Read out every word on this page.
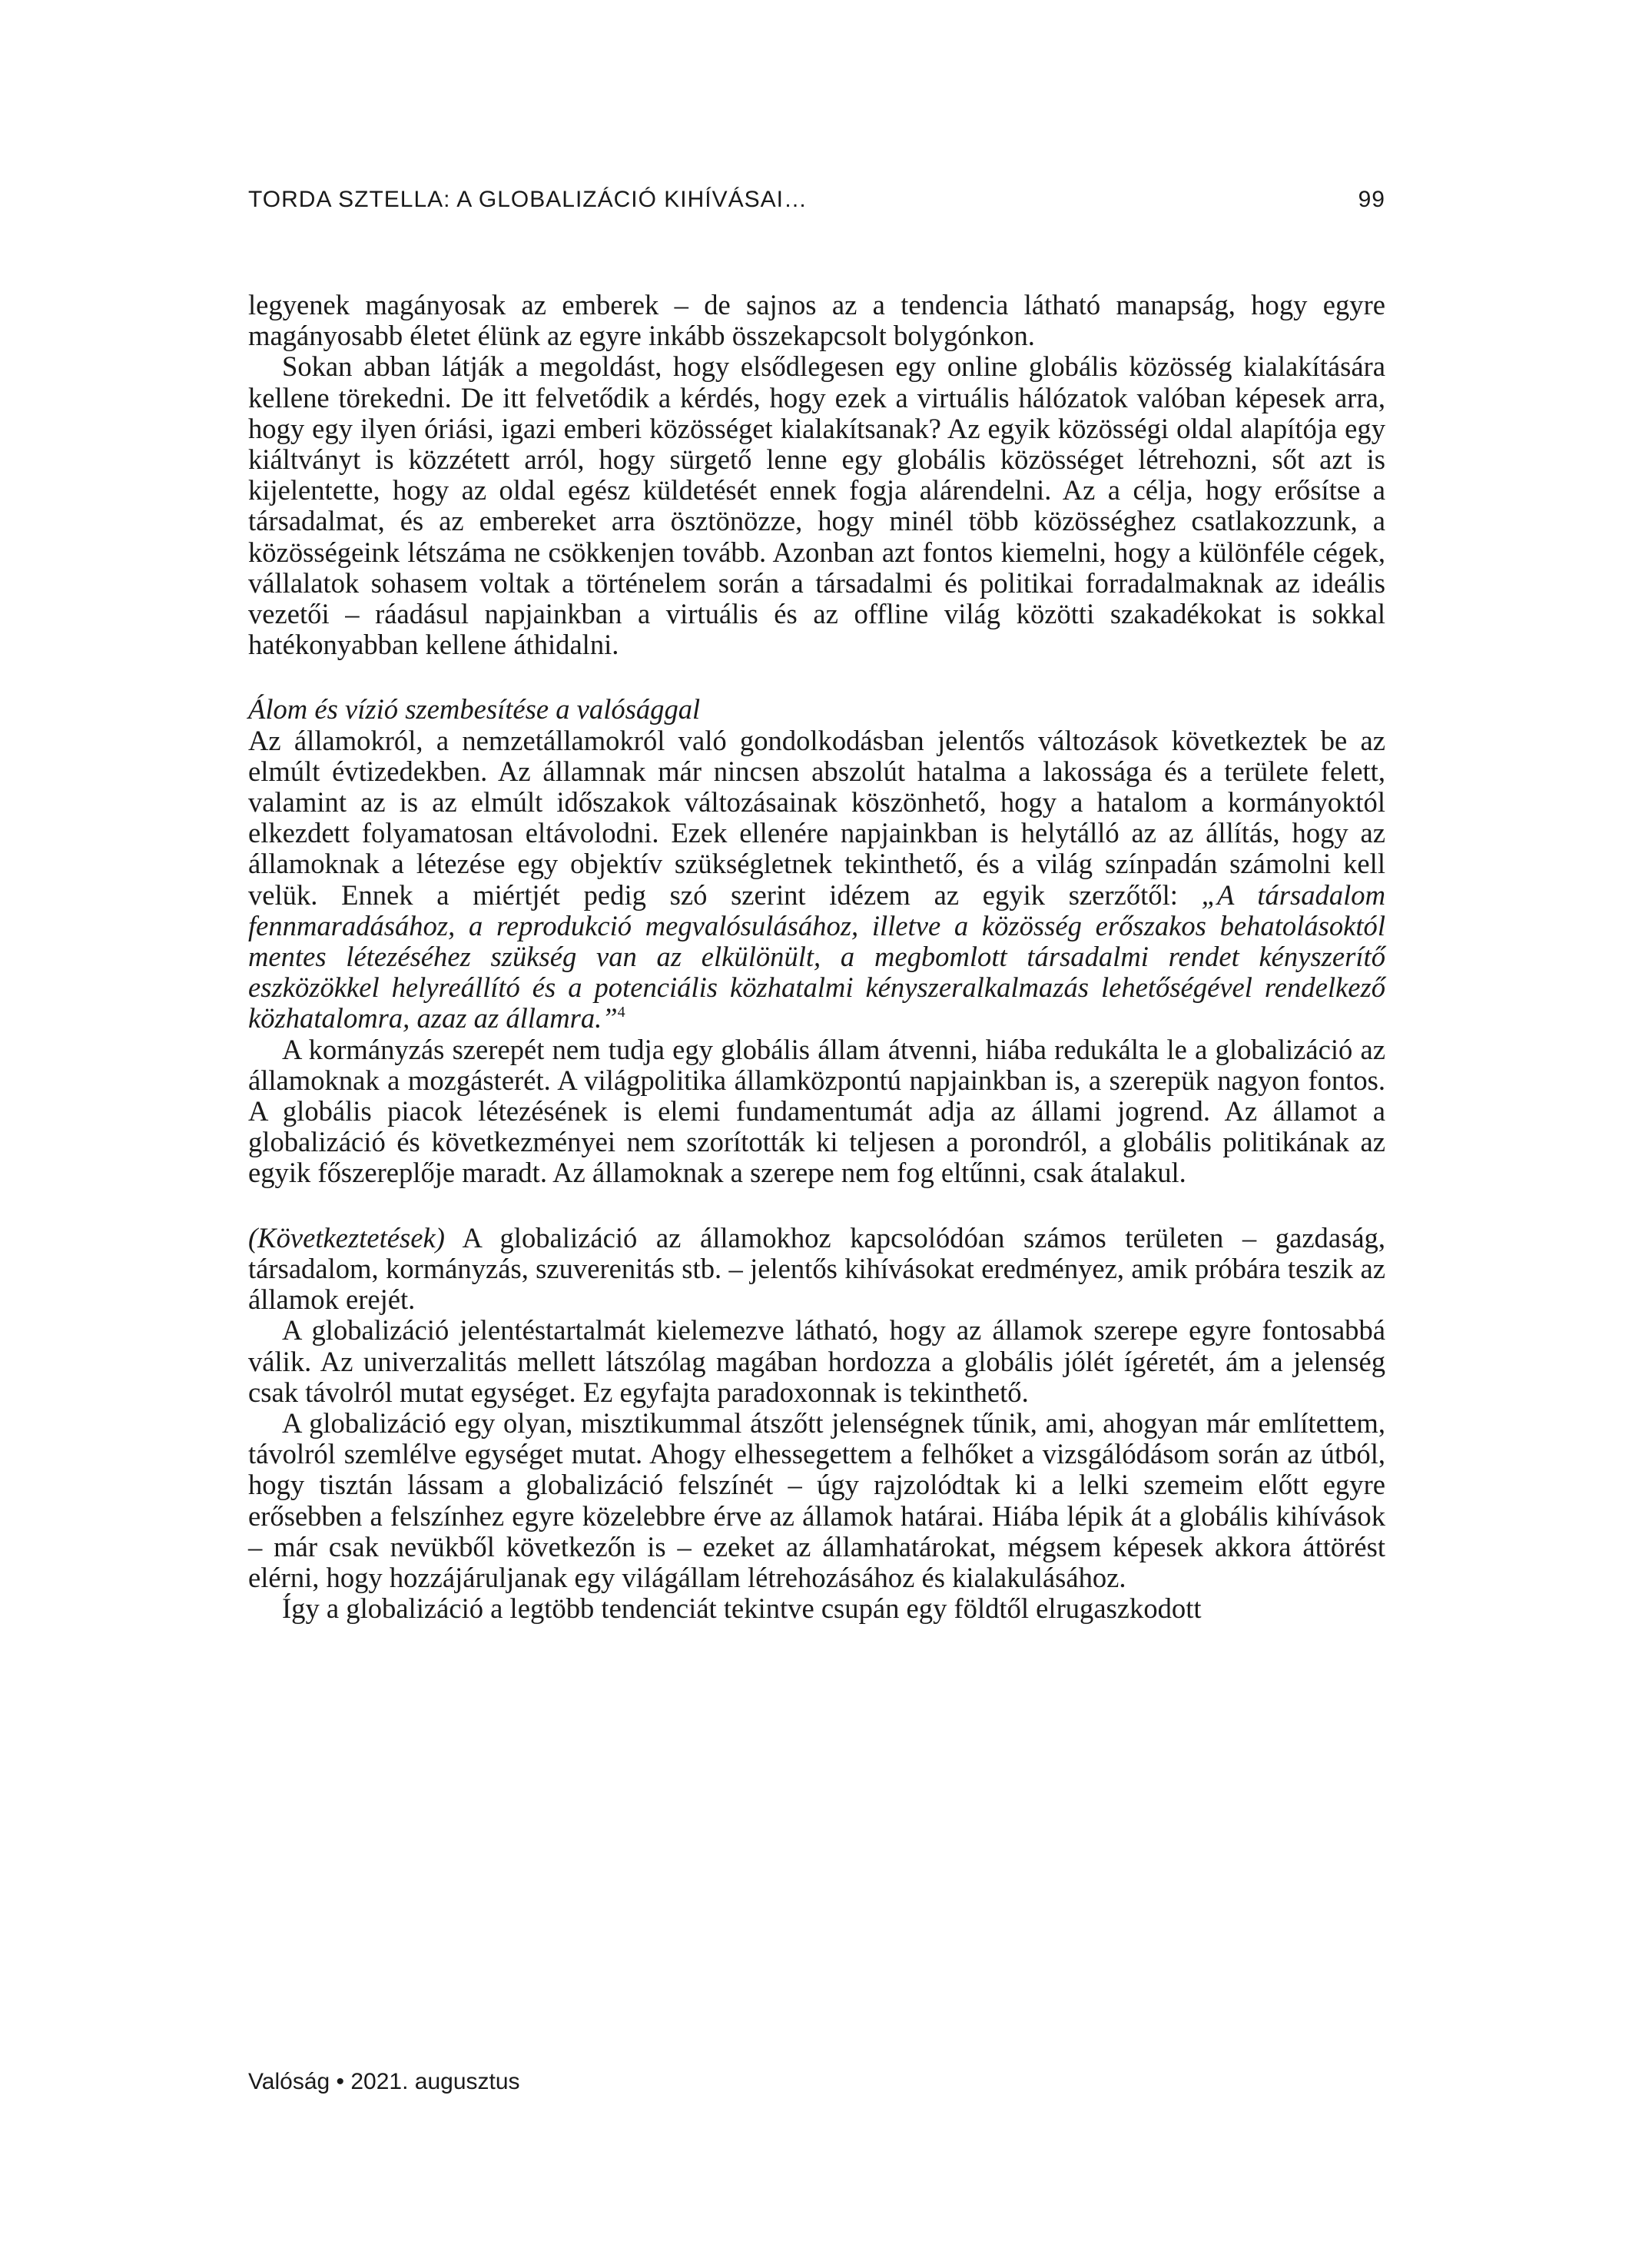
TORDA SZTELLA: A GLOBALIZÁCIÓ KIHÍVÁSAI…	99

legyenek magányosak az emberek – de sajnos az a tendencia látható manapság, hogy egyre magányosabb életet élünk az egyre inkább összekapcsolt bolygónkon.

Sokan abban látják a megoldást, hogy elsődlegesen egy online globális közösség kialakítására kellene törekedni. De itt felvetődik a kérdés, hogy ezek a virtuális hálózatok valóban képesek arra, hogy egy ilyen óriási, igazi emberi közösséget kialakítsanak? Az egyik közösségi oldal alapítója egy kiáltványt is közzétett arról, hogy sürgető lenne egy globális közösséget létrehozni, sőt azt is kijelentette, hogy az oldal egész küldetését ennek fogja alárendelni. Az a célja, hogy erősítse a társadalmat, és az embereket arra ösztönözze, hogy minél több közösséghez csatlakozzunk, a közösségeink létszáma ne csökkenjen tovább. Azonban azt fontos kiemelni, hogy a különféle cégek, vállalatok sohasem voltak a történelem során a társadalmi és politikai forradalmaknak az ideális vezetői – ráadásul napjainkban a virtuális és az offline világ közötti szakadékokat is sokkal hatékonyabban kellene áthidalni.

Álom és vízió szembesítése a valósággal

Az államokról, a nemzetállamokról való gondolkodásban jelentős változások következtek be az elmúlt évtizedekben. Az államnak már nincsen abszolút hatalma a lakossága és a területe felett, valamint az is az elmúlt időszakok változásainak köszönhető, hogy a hatalom a kormányoktól elkezdett folyamatosan eltávolodni. Ezek ellenére napjainkban is helytálló az az állítás, hogy az államoknak a létezése egy objektív szükségletnek tekinthető, és a világ színpadán számolni kell velük. Ennek a miértjét pedig szó szerint idézem az egyik szerzőtől: „A társadalom fennmaradásához, a reprodukció megvalósulásához, illetve a közösség erőszakos behatolásoktól mentes létezéséhez szükség van az elkülönült, a megbomlott társadalmi rendet kényszerítő eszközökkel helyreállító és a potenciális közhatalmi kényszeralkalmazás lehetőségével rendelkező közhatalomra, azaz az államra.”$^4$

A kormányzás szerepét nem tudja egy globális állam átvenni, hiába redukálta le a globalizáció az államoknak a mozgásterét. A világpolitika államközpontú napjainkban is, a szerepük nagyon fontos. A globális piacok létezésének is elemi fundamentumát adja az állami jogrend. Az államot a globalizáció és következményei nem szorították ki teljesen a porondról, a globális politikának az egyik főszereplője maradt. Az államoknak a szerepe nem fog eltűnni, csak átalakul.

(Következtetések) A globalizáció az államokhoz kapcsolódóan számos területen – gazdaság, társadalom, kormányzás, szuverenitás stb. – jelentős kihívásokat eredményez, amik próbára teszik az államok erejét.

A globalizáció jelentéstartalmát kielemezve látható, hogy az államok szerepe egyre fontosabbá válik. Az univerzalitás mellett látszólag magában hordozza a globális jólét ígéretét, ám a jelenség csak távolról mutat egységet. Ez egyfajta paradoxonnak is tekinthető.

A globalizáció egy olyan, misztikummal átszőtt jelenségnek tűnik, ami, ahogyan már említettem, távolról szemlélve egységet mutat. Ahogy elhessegettem a felhőket a vizsgálódásom során az útból, hogy tisztán lássam a globalizáció felszínét – úgy rajzolódtak ki a lelki szemeim előtt egyre erősebben a felszínhez egyre közelebbre érve az államok határai. Hiába lépik át a globális kihívások – már csak nevükből következőn is – ezeket az államhatárokat, mégsem képesek akkora áttörést elérni, hogy hozzájáruljanak egy világállam létrehozásához és kialakulásához.

Így a globalizáció a legtöbb tendenciát tekintve csupán egy földtől elrugaszkodott

Valóság • 2021. augusztus
